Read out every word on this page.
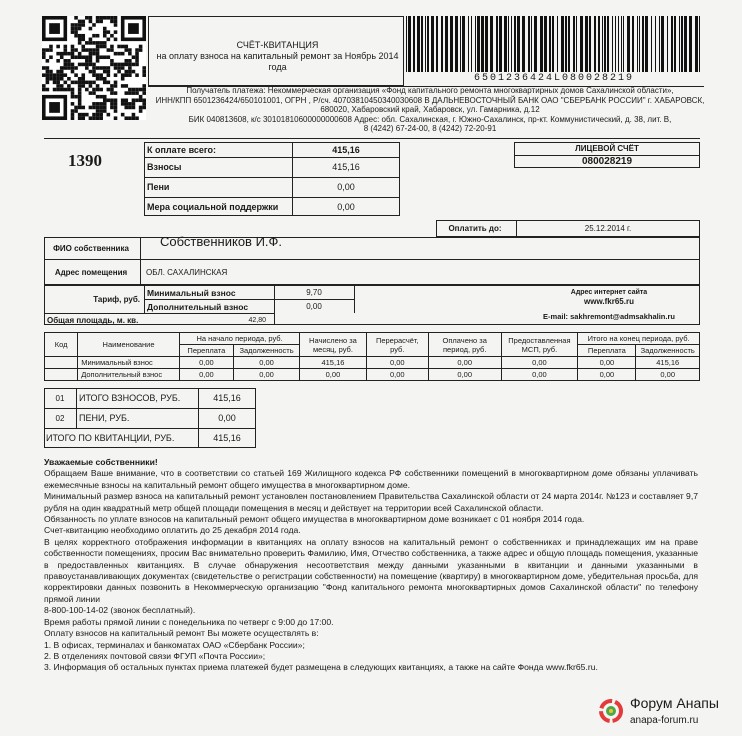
6501236424L080028219
СЧЁТ-КВИТАНЦИЯ
на оплату взноса на капитальный ремонт за Ноябрь 2014 года
Получатель платежа: Некоммерческая организация «Фонд капитального ремонта многоквартирных домов Сахалинской области»,
ИНН/КПП 6501236424/650101001, ОГРН , Р/сч. 40703810450340030608 В ДАЛЬНЕВОСТОЧНЫЙ БАНК ОАО "СБЕРБАНК РОССИИ" г. ХАБАРОВСК,
680020, Хабаровский край, Хабаровск, ул. Гамарника, д.12
БИК 040813608, к/с 30101810600000000608 Адрес: обл. Сахалинская, г. Южно-Сахалинск, пр-кт. Коммунистический, д. 38, лит. В,
8 (4242) 67-24-00, 8 (4242) 72-20-91
1390
К оплате всего:	415,16
Взносы	415,16
Пени	0,00
Мера социальной поддержки	0,00
ЛИЦЕВОЙ СЧЁТ
080028219
Оплатить до:	25.12.2014 г.
ФИО собственника	Собственников И.Ф.
Адрес помещения	ОБЛ. САХАЛИНСКАЯ
Тариф, руб.
Минимальный взнос	9,70
Дополнительный взнос	0,00
Общая площадь, м. кв.	42,80
Адрес интернет сайта
www.fkr65.ru
E-mail: sakhremont@admsakhalin.ru
Код	Наименование	На начало периода, руб.		Начислено за месяц, руб.	Перерасчёт, руб.	Оплачено за период, руб.	Предоставленная МСП, руб.	Итого на конец периода, руб.	
		Переплата	Задолженность					Переплата	Задолженность
	Минимальный взнос	0,00	0,00	415,16	0,00	0,00	0,00	0,00	415,16
	Дополнительный взнос	0,00	0,00	0,00	0,00	0,00	0,00	0,00	0,00
01	ИТОГО ВЗНОСОВ, РУБ.	415,16
02	ПЕНИ, РУБ.	0,00
ИТОГО ПО КВИТАНЦИИ, РУБ.	415,16

Уважаемые собственники!

Обращаем Ваше внимание, что в соответствии со статьей 169 Жилищного кодекса РФ собственники помещений в многоквартирном доме обязаны уплачивать ежемесячные взносы на капитальный ремонт общего имущества в многоквартирном доме.

Минимальный размер взноса на капитальный ремонт установлен постановлением Правительства Сахалинской области от 24 марта 2014г. №123 и составляет 9,7 рубля на один квадратный метр общей площади помещения в месяц и действует на территории всей Сахалинской области.

Обязанность по уплате взносов на капитальный ремонт общего имущества в многоквартирном доме возникает с 01 ноября 2014 года.

Счет-квитанцию необходимо оплатить до 25 декабря 2014 года.

В целях корректного отображения информации в квитанциях на оплату взносов на капитальный ремонт о собственниках и принадлежащих им на праве собственности помещениях, просим Вас внимательно проверить Фамилию, Имя, Отчество собственника, а также адрес и общую площадь помещения, указанные в предоставленных квитанциях. В случае обнаружения несоответствия между данными указанными в квитанции и данными указанными в правоустанавливающих документах (свидетельстве о регистрации собственности) на помещение (квартиру) в многоквартирном доме, убедительная просьба, для корректировки данных позвонить в Некоммерческую организацию "Фонд капитального ремонта многоквартирных домов Сахалинской области" по телефону прямой линии

8-800-100-14-02 (звонок бесплатный).

Время работы прямой линии с понедельника по четверг с 9:00 до 17:00.

Оплату взносов на капитальный ремонт Вы можете осуществлять в:

1. В офисах, терминалах и банкоматах ОАО «Сбербанк России»;

2. В отделениях почтовой связи ФГУП «Почта России»;

3. Информация об остальных пунктах приема платежей будет размещена в следующих квитанциях, а также на сайте Фонда www.fkr65.ru.

Форум Анапы
anapa-forum.ru
